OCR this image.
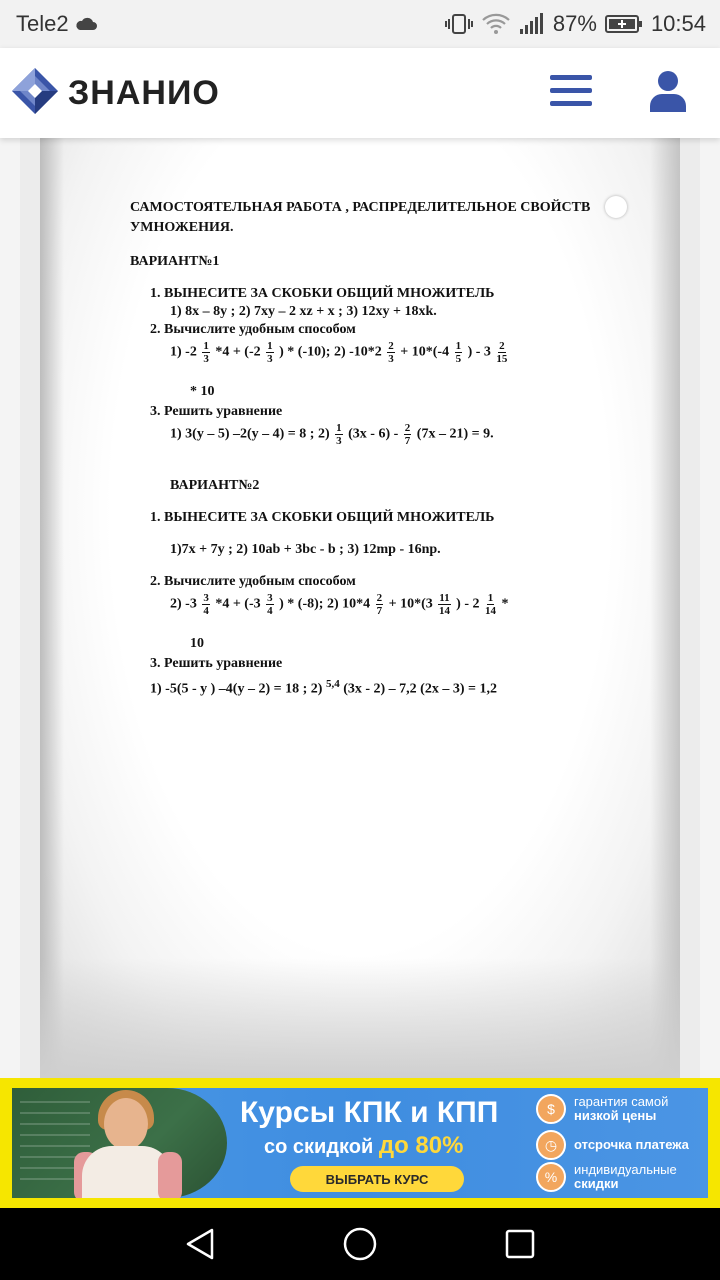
Tele2	87% 10:54
ЗНАНИО
САМОСТОЯТЕЛЬНАЯ РАБОТА , РАСПРЕДЕЛИТЕЛЬНОЕ СВОЙСТВ
УМНОЖЕНИЯ.
ВАРИАНТ№1
1. ВЫНЕСИТЕ ЗА СКОБКИ ОБЩИЙ МНОЖИТЕЛЬ
1) 8x – 8y ; 2) 7xy – 2 xz + x ; 3) 12xy + 18xk.
2. Вычислите удобным способом
1) $-2 \frac{1}{3} *4 + (-2 \frac{1}{3}$ ) * (-10); 2) $-10*2 \frac{2}{3} + 10*(-4 \frac{1}{5}$ ) - $3 \frac{2}{15}$
* 10
3. Решить уравнение
1) 3(y – 5) –2(y – 4) = 8 ; $2) \frac{1}{3} (3x - 6) - \frac{2}{7} (7x - 21) = 9$.
ВАРИАНТ№2
1. ВЫНЕСИТЕ ЗА СКОБКИ ОБЩИЙ МНОЖИТЕЛЬ
1)7x + 7y ; 2) 10ab + 3bc - b ; 3) 12mp - 16np.
2. Вычислите удобным способом
2) $-3 \frac{3}{4} *4 + (-3 \frac{3}{4}$ ) * (-8); 2) $10*4 \frac{2}{7} + 10*(3 \frac{11}{14}$ ) - $2 \frac{1}{14}$ *
10
3. Решить уравнение
1) -5(5 - y ) –4(y – 2) = 18 ; 2) $^{5,4}$ (3x - 2) – 7,2 (2x – 3) = 1,2
Курсы КПК и КПП
со скидкой до 80%
ВЫБРАТЬ КУРС
$	гарантия самой
низкой цены
◷	отсрочка платежа
%	индивидуальные
скидки
